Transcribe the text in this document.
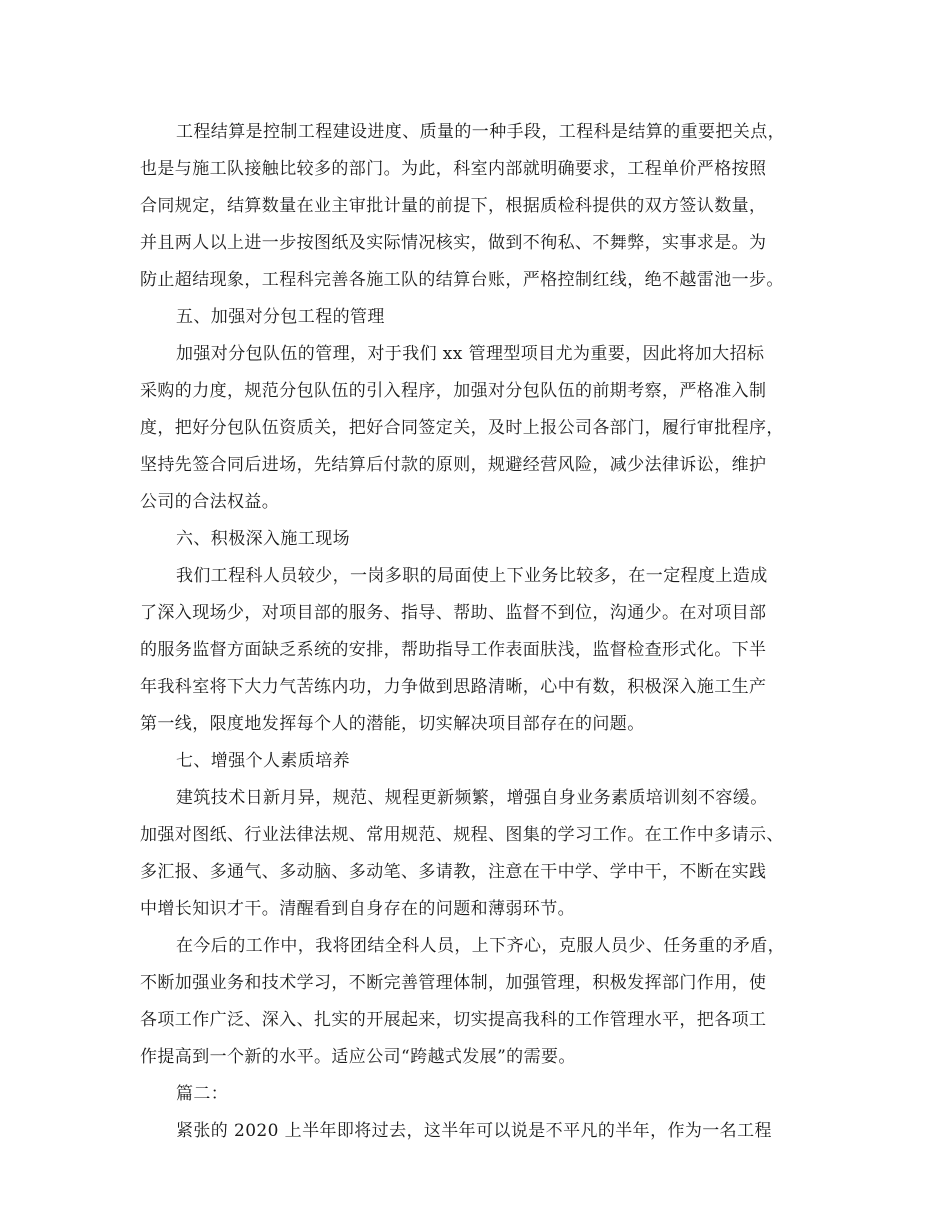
工程结算是控制工程建设进度、质量的一种手段，工程科是结算的重要把关点，
也是与施工队接触比较多的部门。为此，科室内部就明确要求，工程单价严格按照
合同规定，结算数量在业主审批计量的前提下，根据质检科提供的双方签认数量，
并且两人以上进一步按图纸及实际情况核实，做到不徇私、不舞弊，实事求是。为
防止超结现象，工程科完善各施工队的结算台账，严格控制红线，绝不越雷池一步。
五、加强对分包工程的管理
加强对分包队伍的管理，对于我们 xx 管理型项目尤为重要，因此将加大招标
采购的力度，规范分包队伍的引入程序，加强对分包队伍的前期考察，严格准入制
度，把好分包队伍资质关，把好合同签定关，及时上报公司各部门，履行审批程序，
坚持先签合同后进场，先结算后付款的原则，规避经营风险，减少法律诉讼，维护
公司的合法权益。
六、积极深入施工现场
我们工程科人员较少，一岗多职的局面使上下业务比较多，在一定程度上造成
了深入现场少，对项目部的服务、指导、帮助、监督不到位，沟通少。在对项目部
的服务监督方面缺乏系统的安排，帮助指导工作表面肤浅，监督检查形式化。下半
年我科室将下大力气苦练内功，力争做到思路清晰，心中有数，积极深入施工生产
第一线，限度地发挥每个人的潜能，切实解决项目部存在的问题。
七、增强个人素质培养
建筑技术日新月异，规范、规程更新频繁，增强自身业务素质培训刻不容缓。
加强对图纸、行业法律法规、常用规范、规程、图集的学习工作。在工作中多请示、
多汇报、多通气、多动脑、多动笔、多请教，注意在干中学、学中干，不断在实践
中增长知识才干。清醒看到自身存在的问题和薄弱环节。
在今后的工作中，我将团结全科人员，上下齐心，克服人员少、任务重的矛盾，
不断加强业务和技术学习，不断完善管理体制，加强管理，积极发挥部门作用，使
各项工作广泛、深入、扎实的开展起来，切实提高我科的工作管理水平，把各项工
作提高到一个新的水平。适应公司“跨越式发展”的需要。
篇二：
紧张的 2020 上半年即将过去，这半年可以说是不平凡的半年，作为一名工程
